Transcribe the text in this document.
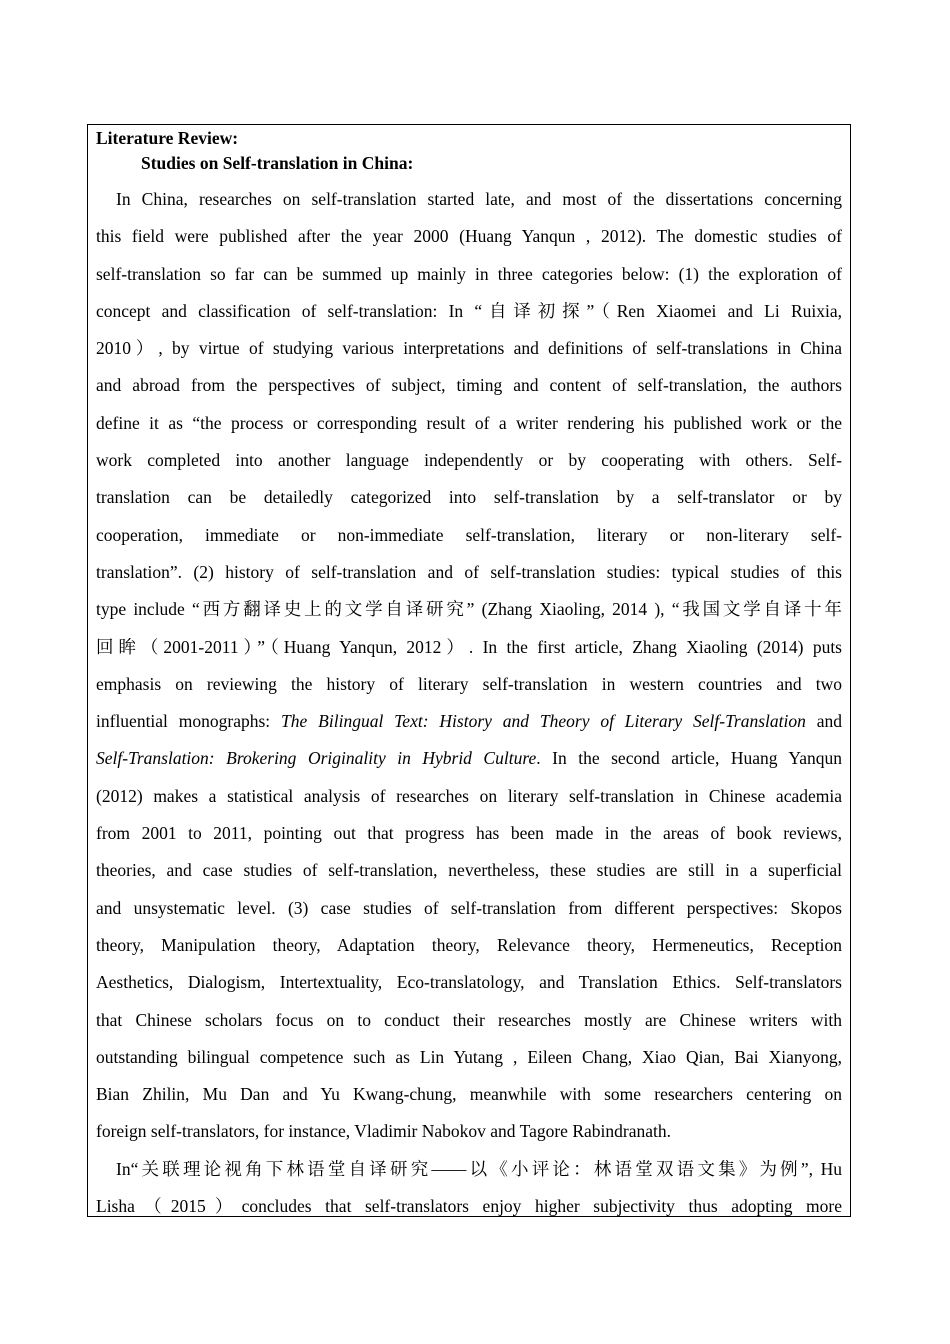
Literature Review:
Studies on Self-translation in China:
In China, researches on self-translation started late, and most of the dissertations concerning
this field were published after the year 2000 (Huang Yanqun , 2012). The domestic studies of
self-translation so far can be summed up mainly in three categories below: (1) the exploration of
concept and classification of self-translation: In “自译初探”（Ren Xiaomei and Li Ruixia,
2010）, by virtue of studying various interpretations and definitions of self-translations in China
and abroad from the perspectives of subject, timing and content of self-translation, the authors
define it as “the process or corresponding result of a writer rendering his published work or the
work completed into another language independently or by cooperating with others. Self-
translation can be detailedly categorized into self-translation by a self-translator or by
cooperation, immediate or non-immediate self-translation, literary or non-literary self-
translation”. (2) history of self-translation and of self-translation studies: typical studies of this
type include “西方翻译史上的文学自译研究” (Zhang Xiaoling, 2014 ), “我国文学自译十年
回眸（2001-2011）”（Huang Yanqun, 2012）. In the first article, Zhang Xiaoling (2014) puts
emphasis on reviewing the history of literary self-translation in western countries and two
influential monographs: The Bilingual Text: History and Theory of Literary Self-Translation and
Self-Translation: Brokering Originality in Hybrid Culture. In the second article, Huang Yanqun
(2012) makes a statistical analysis of researches on literary self-translation in Chinese academia
from 2001 to 2011, pointing out that progress has been made in the areas of book reviews,
theories, and case studies of self-translation, nevertheless, these studies are still in a superficial
and unsystematic level. (3) case studies of self-translation from different perspectives: Skopos
theory, Manipulation theory, Adaptation theory, Relevance theory, Hermeneutics, Reception
Aesthetics, Dialogism, Intertextuality, Eco-translatology, and Translation Ethics. Self-translators
that Chinese scholars focus on to conduct their researches mostly are Chinese writers with
outstanding bilingual competence such as Lin Yutang , Eileen Chang, Xiao Qian, Bai Xianyong,
Bian Zhilin, Mu Dan and Yu Kwang-chung, meanwhile with some researchers centering on
foreign self-translators, for instance, Vladimir Nabokov and Tagore Rabindranath.
In“关联理论视角下林语堂自译研究——以《小评论：林语堂双语文集》为例”, Hu
Lisha（2015）concludes that self-translators enjoy higher subjectivity thus adopting more
